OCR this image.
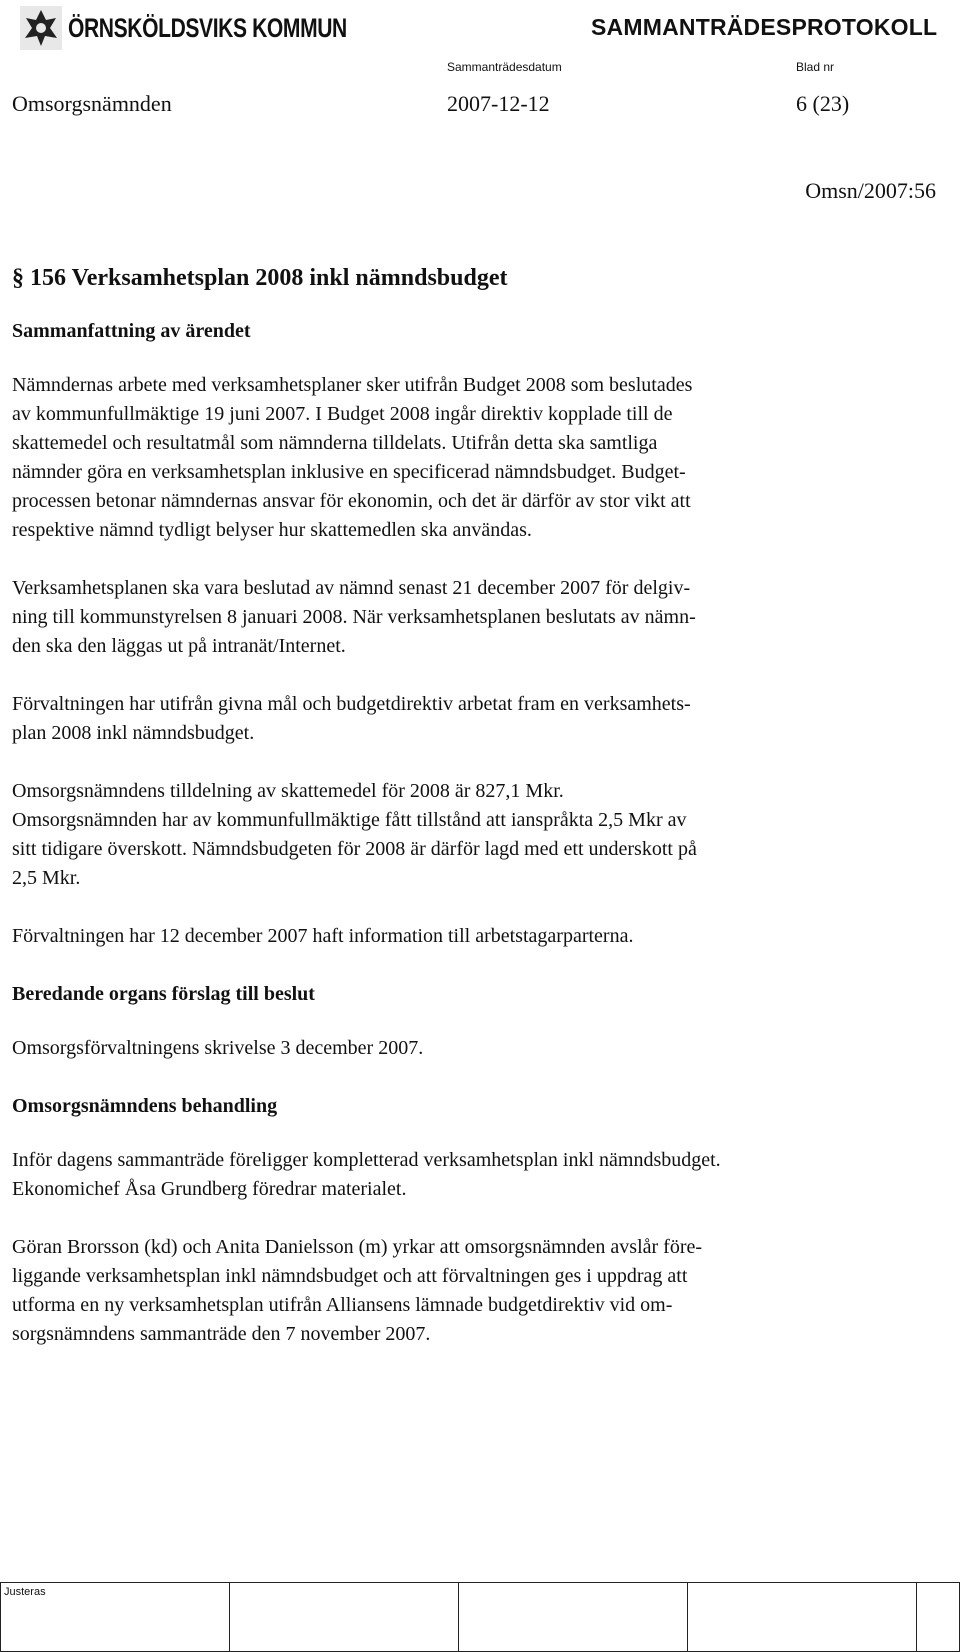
ÖRNSKÖLDSVIKS KOMMUN	SAMMANTRÄDESPROTOKOLL
Sammanträdesdatum	Blad nr
Omsorgsnämnden	2007-12-12	6 (23)
Omsn/2007:56
§ 156 Verksamhetsplan 2008 inkl nämndsbudget
Sammanfattning av ärendet

Nämndernas arbete med verksamhetsplaner sker utifrån Budget 2008 som beslutades
av kommunfullmäktige 19 juni 2007. I Budget 2008 ingår direktiv kopplade till de
skattemedel och resultatmål som nämnderna tilldelats. Utifrån detta ska samtliga
nämnder göra en verksamhetsplan inklusive en specificerad nämndsbudget. Budget-
processen betonar nämndernas ansvar för ekonomin, och det är därför av stor vikt att
respektive nämnd tydligt belyser hur skattemedlen ska användas.

Verksamhetsplanen ska vara beslutad av nämnd senast 21 december 2007 för delgiv-
ning till kommunstyrelsen 8 januari 2008. När verksamhetsplanen beslutats av nämn-
den ska den läggas ut på intranät/Internet.

Förvaltningen har utifrån givna mål och budgetdirektiv arbetat fram en verksamhets-
plan 2008 inkl nämndsbudget.

Omsorgsnämndens tilldelning av skattemedel för 2008 är 827,1 Mkr.
Omsorgsnämnden har av kommunfullmäktige fått tillstånd att ianspråkta 2,5 Mkr av
sitt tidigare överskott. Nämndsbudgeten för 2008 är därför lagd med ett underskott på
2,5 Mkr.

Förvaltningen har 12 december 2007 haft information till arbetstagarparterna.

Beredande organs förslag till beslut

Omsorgsförvaltningens skrivelse 3 december 2007.

Omsorgsnämndens behandling

Inför dagens sammanträde föreligger kompletterad verksamhetsplan inkl nämndsbudget.
Ekonomichef Åsa Grundberg föredrar materialet.

Göran Brorsson (kd) och Anita Danielsson (m) yrkar att omsorgsnämnden avslår före-
liggande verksamhetsplan inkl nämndsbudget och att förvaltningen ges i uppdrag att
utforma en ny verksamhetsplan utifrån Alliansens lämnade budgetdirektiv vid om-
sorgsnämndens sammanträde den 7 november 2007.

Justeras
